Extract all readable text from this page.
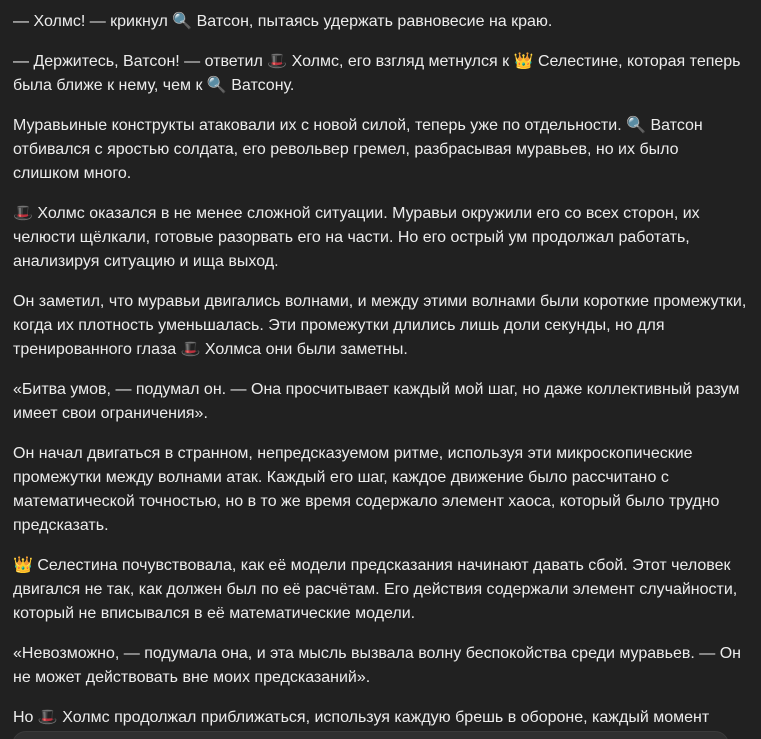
— Холмс! — крикнул 🔍 Ватсон, пытаясь удержать равновесие на краю.

— Держитесь, Ватсон! — ответил 🎩 Холмс, его взгляд метнулся к 👑 Селестине, которая теперь была ближе к нему, чем к 🔍 Ватсону.

Муравьиные конструкты атаковали их с новой силой, теперь уже по отдельности. 🔍 Ватсон отбивался с яростью солдата, его револьвер гремел, разбрасывая муравьев, но их было слишком много.

🎩 Холмс оказался в не менее сложной ситуации. Муравьи окружили его со всех сторон, их челюсти щёлкали, готовые разорвать его на части. Но его острый ум продолжал работать, анализируя ситуацию и ища выход.

Он заметил, что муравьи двигались волнами, и между этими волнами были короткие промежутки, когда их плотность уменьшалась. Эти промежутки длились лишь доли секунды, но для тренированного глаза 🎩 Холмса они были заметны.

«Битва умов, — подумал он. — Она просчитывает каждый мой шаг, но даже коллективный разум имеет свои ограничения».

Он начал двигаться в странном, непредсказуемом ритме, используя эти микроскопические промежутки между волнами атак. Каждый его шаг, каждое движение было рассчитано с математической точностью, но в то же время содержало элемент хаоса, который было трудно предсказать.

👑 Селестина почувствовала, как её модели предсказания начинают давать сбой. Этот человек двигался не так, как должен был по её расчётам. Его действия содержали элемент случайности, который не вписывался в её математические модели.

«Невозможно, — подумала она, и эта мысль вызвала волну беспокойства среди муравьев. — Он не может действовать вне моих предсказаний».

Но 🎩 Холмс продолжал приближаться, используя каждую брешь в обороне, каждый момент
